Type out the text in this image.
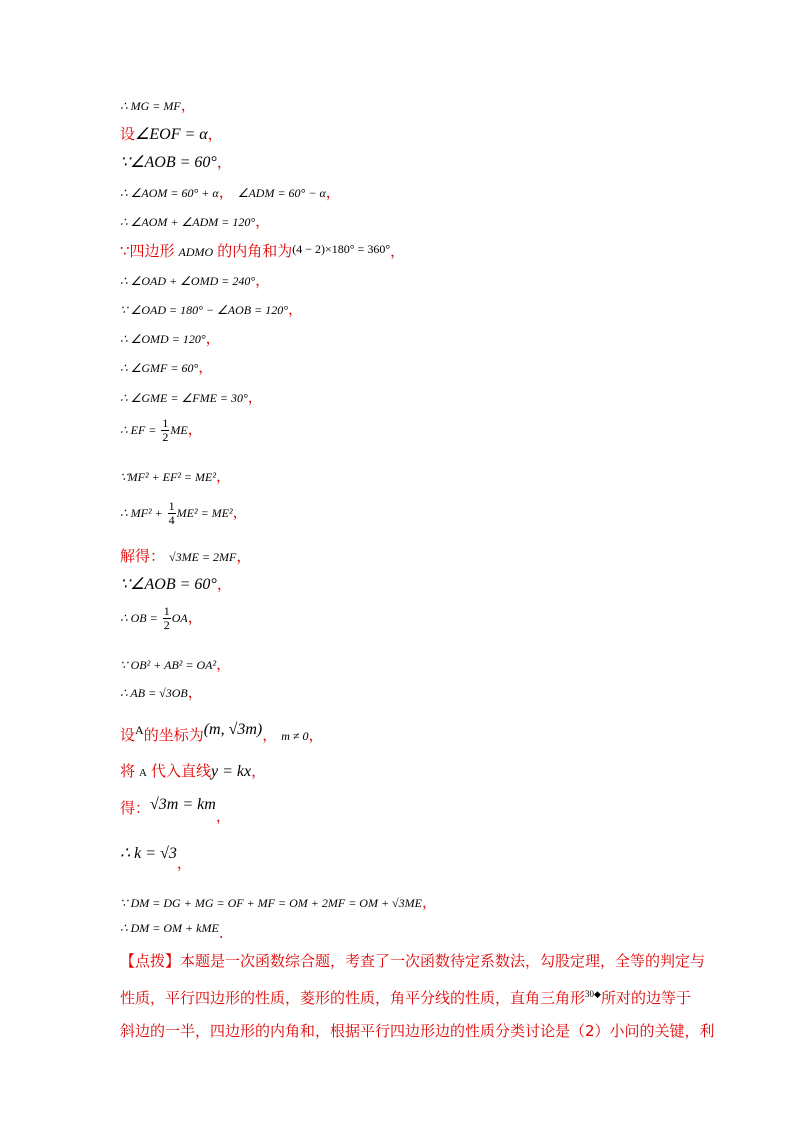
∴ MG = MF，
设∠EOF = α，
∵∠AOB = 60°，
∴ ∠AOM = 60° + α， ∠ADM = 60° − α，
∴ ∠AOM + ∠ADM = 120°，
∵四边形 ADMO 的内角和为(4 − 2)×180° = 360°，
∴ ∠OAD + ∠OMD = 240°，
∵ ∠OAD = 180° − ∠AOB = 120°，
∴ ∠OMD = 120°，
∴ ∠GMF = 60°，
∴ ∠GME = ∠FME = 30°，
∴ EF = $\frac{1}{2}$ ME，
∵MF² + EF² = ME²，
∴ $MF^2 + \frac{1}{4} ME^2 = ME^2$，
解得： √3ME = 2MF，
∵∠AOB = 60°，
∴ OB = $\frac{1}{2}$ OA，
∵ OB² + AB² = OA²，
∴ AB = √3OB，
设$^A$的坐标为(m, √3m)， m ≠ 0，
将 A 代入直线y = kx，
得：√3m = km，
∴ k = √3，
∵ DM = DG + MG = OF + MF = OM + 2MF = OM + √3ME，
∴ DM = OM + kME.
【点拨】本题是一次函数综合题，考查了一次函数待定系数法，勾股定理，全等的判定与
性质，平行四边形的性质，菱形的性质，角平分线的性质，直角三角形$^{30◆}$所对的边等于
斜边的一半，四边形的内角和，根据平行四边形边的性质分类讨论是（2）小问的关键，利
